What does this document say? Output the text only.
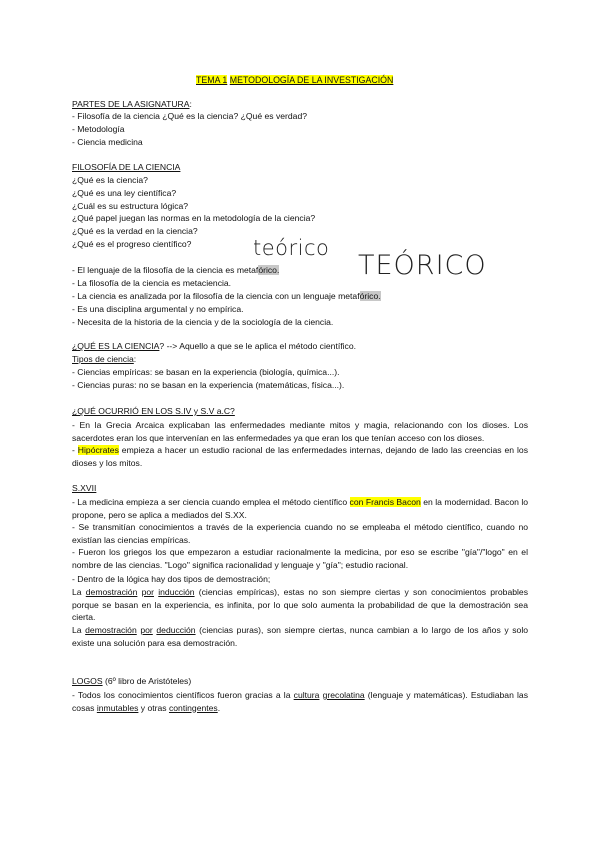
TEMA 1 METODOLOGÍA DE LA INVESTIGACIÓN
PARTES DE LA ASIGNATURA:
- Filosofía de la ciencia ¿Qué es la ciencia? ¿Qué es verdad?
- Metodología
- Ciencia medicina
FILOSOFÍA DE LA CIENCIA
¿Qué es la ciencia?
¿Qué es una ley científica?
¿Cuál es su estructura lógica?
¿Qué papel juegan las normas en la metodología de la ciencia?
¿Qué es la verdad en la ciencia?
¿Qué es el progreso científico?	teórico
TEÓRICO
- El lenguaje de la filosofía de la ciencia es metafórico.
- La filosofía de la ciencia es metaciencia.
- La ciencia es analizada por la filosofía de la ciencia con un lenguaje metafórico.
- Es una disciplina argumental y no empírica.
- Necesita de la historia de la ciencia y de la sociología de la ciencia.
¿QUÉ ES LA CIENCIA? --> Aquello a que se le aplica el método científico.
Tipos de ciencia:
- Ciencias empíricas: se basan en la experiencia (biología, química...).
- Ciencias puras: no se basan en la experiencia (matemáticas, física...).
¿QUÉ OCURRIÓ EN LOS S.IV y S.V a.C?
- En la Grecia Arcaica explicaban las enfermedades mediante mitos y magia, relacionando con los dioses. Los sacerdotes eran los que intervenían en las enfermedades ya que eran los que tenían acceso con los dioses.
- Hipócrates empieza a hacer un estudio racional de las enfermedades internas, dejando de lado las creencias en los dioses y los mitos.
S.XVII
- La medicina empieza a ser ciencia cuando emplea el método científico con Francis Bacon en la modernidad. Bacon lo propone, pero se aplica a mediados del S.XX.
- Se transmitían conocimientos a través de la experiencia cuando no se empleaba el método científico, cuando no existían las ciencias empíricas.
- Fueron los griegos los que empezaron a estudiar racionalmente la medicina, por eso se escribe "gía"/"logo" en el nombre de las ciencias. "Logo" significa racionalidad y lenguaje y "gía"; estudio racional.
- Dentro de la lógica hay dos tipos de demostración;
La demostración por inducción (ciencias empíricas), estas no son siempre ciertas y son conocimientos probables porque se basan en la experiencia, es infinita, por lo que solo aumenta la probabilidad de que la demostración sea cierta.
La demostración por deducción (ciencias puras), son siempre ciertas, nunca cambian a lo largo de los años y solo existe una solución para esa demostración.
LOGOS (6º libro de Aristóteles)
- Todos los conocimientos científicos fueron gracias a la cultura grecolatina (lenguaje y matemáticas). Estudiaban las cosas inmutables y otras contingentes.
